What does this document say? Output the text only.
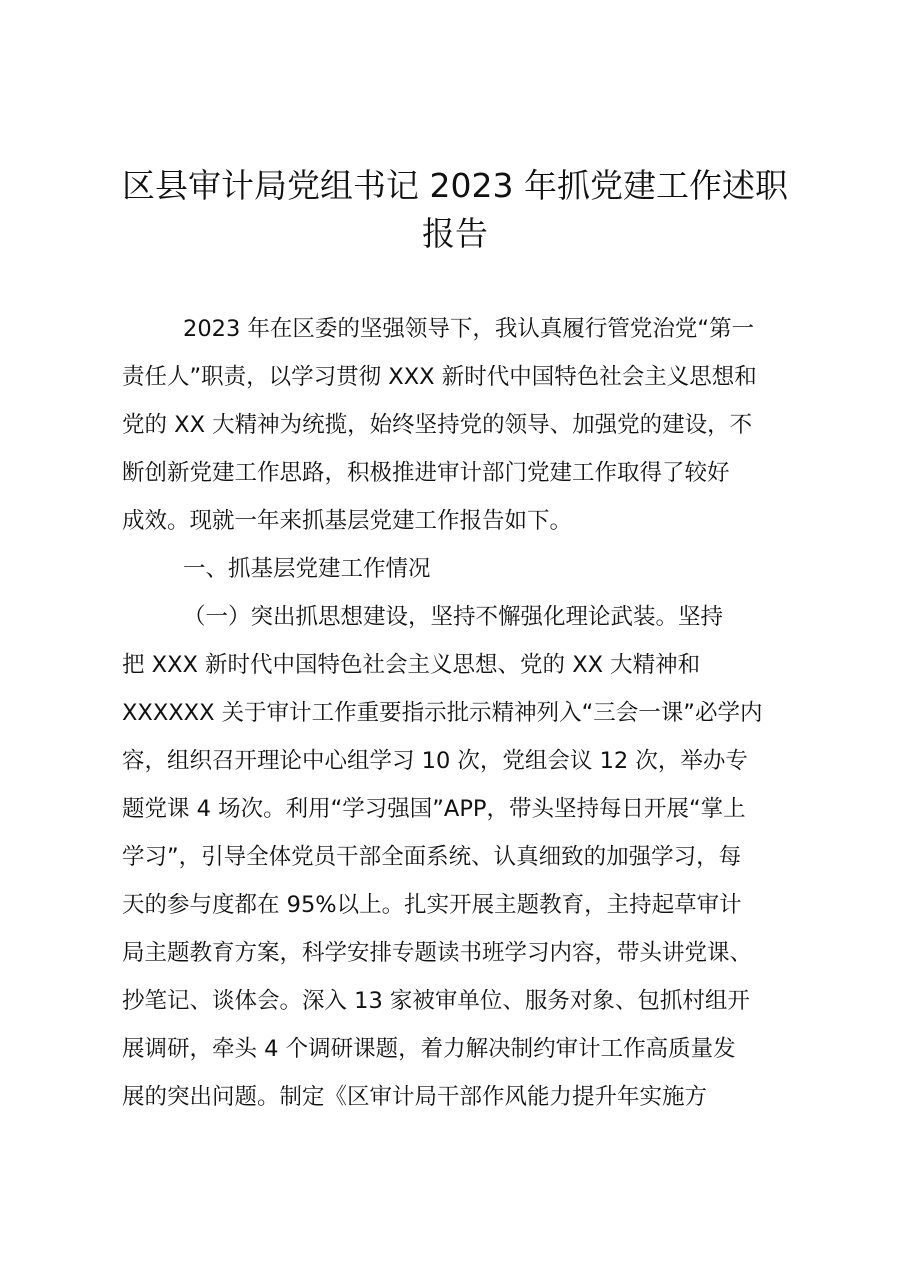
区县审计局党组书记 2023 年抓党建工作述职
报告

2023 年在区委的坚强领导下，我认真履行管党治党“第一

责任人”职责，以学习贯彻 XXX 新时代中国特色社会主义思想和

党的 XX 大精神为统揽，始终坚持党的领导、加强党的建设，不

断创新党建工作思路，积极推进审计部门党建工作取得了较好

成效。现就一年来抓基层党建工作报告如下。

一、抓基层党建工作情况

（一）突出抓思想建设，坚持不懈强化理论武装。坚持

把 XXX 新时代中国特色社会主义思想、党的 XX 大精神和

XXXXXX 关于审计工作重要指示批示精神列入“三会一课”必学内

容，组织召开理论中心组学习 10 次，党组会议 12 次，举办专

题党课 4 场次。利用“学习强国”APP，带头坚持每日开展“掌上

学习”，引导全体党员干部全面系统、认真细致的加强学习，每

天的参与度都在 95%以上。扎实开展主题教育，主持起草审计

局主题教育方案，科学安排专题读书班学习内容，带头讲党课、

抄笔记、谈体会。深入 13 家被审单位、服务对象、包抓村组开

展调研，牵头 4 个调研课题，着力解决制约审计工作高质量发

展的突出问题。制定《区审计局干部作风能力提升年实施方
